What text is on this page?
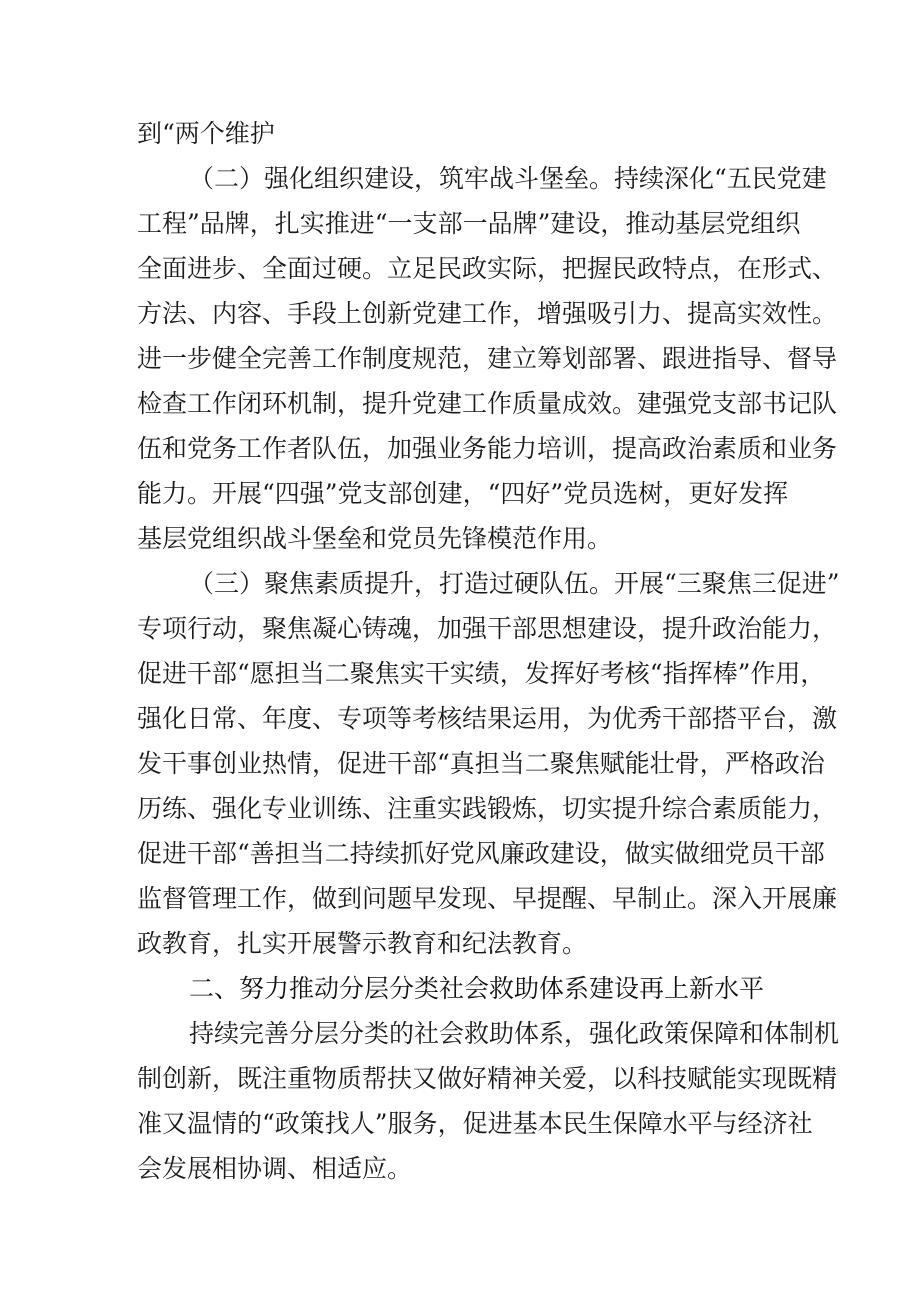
到“两个维护
（二）强化组织建设，筑牢战斗堡垒。持续深化“五民党建
工程”品牌，扎实推进“一支部一品牌”建设，推动基层党组织
全面进步、全面过硬。立足民政实际，把握民政特点，在形式、
方法、内容、手段上创新党建工作，增强吸引力、提高实效性。
进一步健全完善工作制度规范，建立筹划部署、跟进指导、督导
检查工作闭环机制，提升党建工作质量成效。建强党支部书记队
伍和党务工作者队伍，加强业务能力培训，提高政治素质和业务
能力。开展“四强”党支部创建，“四好”党员选树，更好发挥
基层党组织战斗堡垒和党员先锋模范作用。
（三）聚焦素质提升，打造过硬队伍。开展“三聚焦三促进”
专项行动，聚焦凝心铸魂，加强干部思想建设，提升政治能力，
促进干部“愿担当二聚焦实干实绩，发挥好考核“指挥棒”作用，
强化日常、年度、专项等考核结果运用，为优秀干部搭平台，激
发干事创业热情，促进干部“真担当二聚焦赋能壮骨，严格政治
历练、强化专业训练、注重实践锻炼，切实提升综合素质能力，
促进干部“善担当二持续抓好党风廉政建设，做实做细党员干部
监督管理工作，做到问题早发现、早提醒、早制止。深入开展廉
政教育，扎实开展警示教育和纪法教育。
二、努力推动分层分类社会救助体系建设再上新水平
持续完善分层分类的社会救助体系，强化政策保障和体制机
制创新，既注重物质帮扶又做好精神关爱，以科技赋能实现既精
准又温情的“政策找人”服务，促进基本民生保障水平与经济社
会发展相协调、相适应。
